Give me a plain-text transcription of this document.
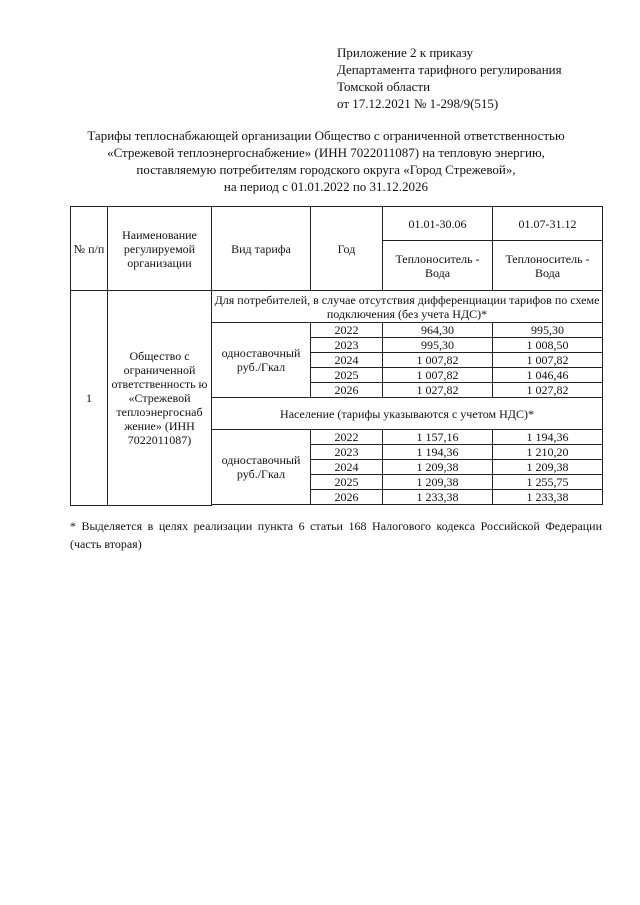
Приложение 2 к приказу
Департамента тарифного регулирования
Томской области
от 17.12.2021 № 1-298/9(515)
Тарифы теплоснабжающей организации Общество с ограниченной ответственностью
«Стрежевой теплоэнергоснабжение» (ИНН 7022011087) на тепловую энергию,
поставляемую потребителям городского округа «Город Стрежевой»,
на период с 01.01.2022 по 31.12.2026
№ п/п	Наименование регулируемой организации	Вид тарифа	Год	01.01-30.06	01.07-31.12
				Теплоноситель - Вода	Теплоноситель - Вода
1	Общество с ограниченной ответственность ю «Стрежевой теплоэнергоснаб жение» (ИНН 7022011087)	Для потребителей, в случае отсутствия дифференциации тарифов по схеме подключения (без учета НДС)*			
		одноставочный руб./Гкал	2022	964,30	995,30
			2023	995,30	1 008,50
			2024	1 007,82	1 007,82
			2025	1 007,82	1 046,46
			2026	1 027,82	1 027,82
		Население (тарифы указываются с учетом НДС)*			
		одноставочный руб./Гкал	2022	1 157,16	1 194,36
			2023	1 194,36	1 210,20
			2024	1 209,38	1 209,38
			2025	1 209,38	1 255,75
			2026	1 233,38	1 233,38

* Выделяется в целях реализации пункта 6 статьи 168 Налогового кодекса Российской Федерации (часть вторая)
